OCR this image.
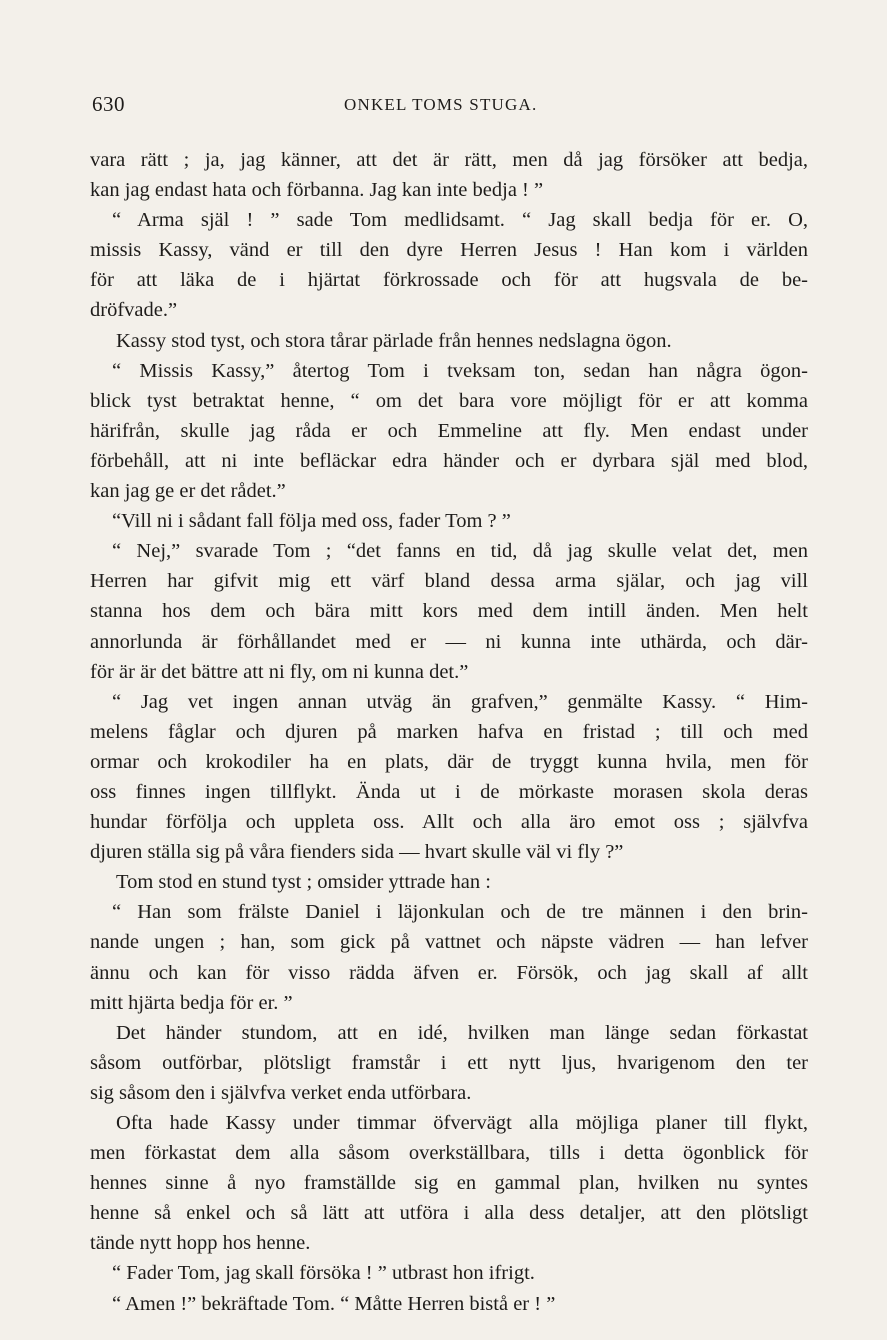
630	ONKEL TOMS STUGA.
vara rätt ; ja, jag känner, att det är rätt, men då jag försöker att bedja,
kan jag endast hata och förbanna. Jag kan inte bedja ! ”
“ Arma själ ! ” sade Tom medlidsamt. “ Jag skall bedja för er. O,
missis Kassy, vänd er till den dyre Herren Jesus ! Han kom i världen
för att läka de i hjärtat förkrossade och för att hugsvala de be-
dröfvade.”
Kassy stod tyst, och stora tårar pärlade från hennes nedslagna ögon.
“ Missis Kassy,” återtog Tom i tveksam ton, sedan han några ögon-
blick tyst betraktat henne, “ om det bara vore möjligt för er att komma
härifrån, skulle jag råda er och Emmeline att fly. Men endast under
förbehåll, att ni inte befläckar edra händer och er dyrbara själ med blod,
kan jag ge er det rådet.”
“Vill ni i sådant fall följa med oss, fader Tom ? ”
“ Nej,” svarade Tom ; “det fanns en tid, då jag skulle velat det, men
Herren har gifvit mig ett värf bland dessa arma själar, och jag vill
stanna hos dem och bära mitt kors med dem intill änden. Men helt
annorlunda är förhållandet med er — ni kunna inte uthärda, och där-
för är är det bättre att ni fly, om ni kunna det.”
“ Jag vet ingen annan utväg än grafven,” genmälte Kassy. “ Him-
melens fåglar och djuren på marken hafva en fristad ; till och med
ormar och krokodiler ha en plats, där de tryggt kunna hvila, men för
oss finnes ingen tillflykt. Ända ut i de mörkaste morasen skola deras
hundar förfölja och uppleta oss. Allt och alla äro emot oss ; självfva
djuren ställa sig på våra fienders sida — hvart skulle väl vi fly ?”
Tom stod en stund tyst ; omsider yttrade han :
“ Han som frälste Daniel i läjonkulan och de tre männen i den brin-
nande ungen ; han, som gick på vattnet och näpste vädren — han lefver
ännu och kan för visso rädda äfven er. Försök, och jag skall af allt
mitt hjärta bedja för er. ”
Det händer stundom, att en idé, hvilken man länge sedan förkastat
såsom outförbar, plötsligt framstår i ett nytt ljus, hvarigenom den ter
sig såsom den i självfva verket enda utförbara.
Ofta hade Kassy under timmar öfvervägt alla möjliga planer till flykt,
men förkastat dem alla såsom overkställbara, tills i detta ögonblick för
hennes sinne å nyo framställde sig en gammal plan, hvilken nu syntes
henne så enkel och så lätt att utföra i alla dess detaljer, att den plötsligt
tände nytt hopp hos henne.
“ Fader Tom, jag skall försöka ! ” utbrast hon ifrigt.
“ Amen !” bekräftade Tom. “ Måtte Herren bistå er ! ”
